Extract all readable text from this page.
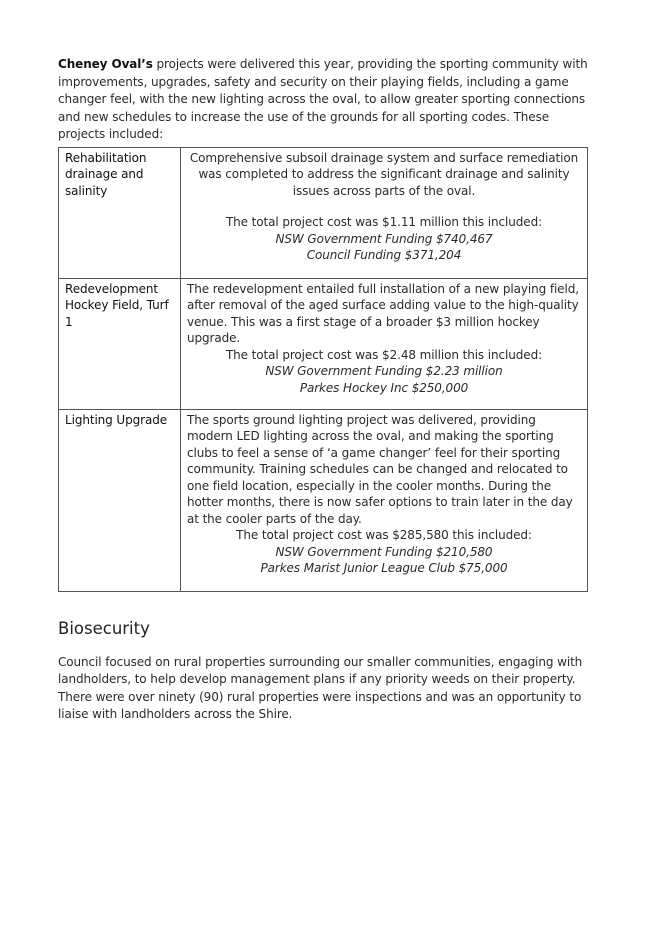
Cheney Oval’s projects were delivered this year, providing the sporting community with improvements, upgrades, safety and security on their playing fields, including a game changer feel, with the new lighting across the oval, to allow greater sporting connections and new schedules to increase the use of the grounds for all sporting codes. These projects included:

Rehabilitation drainage and salinity	Comprehensive subsoil drainage system and surface remediation was completed to address the significant drainage and salinity issues across parts of the oval.
The total project cost was $1.11 million this included:
NSW Government Funding $740,467
Council Funding $371,204

Redevelopment Hockey Field, Turf 1	The redevelopment entailed full installation of a new playing field, after removal of the aged surface adding value to the high-quality venue. This was a first stage of a broader $3 million hockey upgrade.
The total project cost was $2.48 million this included:
NSW Government Funding $2.23 million
Parkes Hockey Inc $250,000

Lighting Upgrade	The sports ground lighting project was delivered, providing modern LED lighting across the oval, and making the sporting clubs to feel a sense of ‘a game changer’ feel for their sporting community. Training schedules can be changed and relocated to one field location, especially in the cooler months. During the hotter months, there is now safer options to train later in the day at the cooler parts of the day.
The total project cost was $285,580 this included:
NSW Government Funding $210,580
Parkes Marist Junior League Club $75,000
Biosecurity

Council focused on rural properties surrounding our smaller communities, engaging with landholders, to help develop management plans if any priority weeds on their property. There were over ninety (90) rural properties were inspections and was an opportunity to liaise with landholders across the Shire.
